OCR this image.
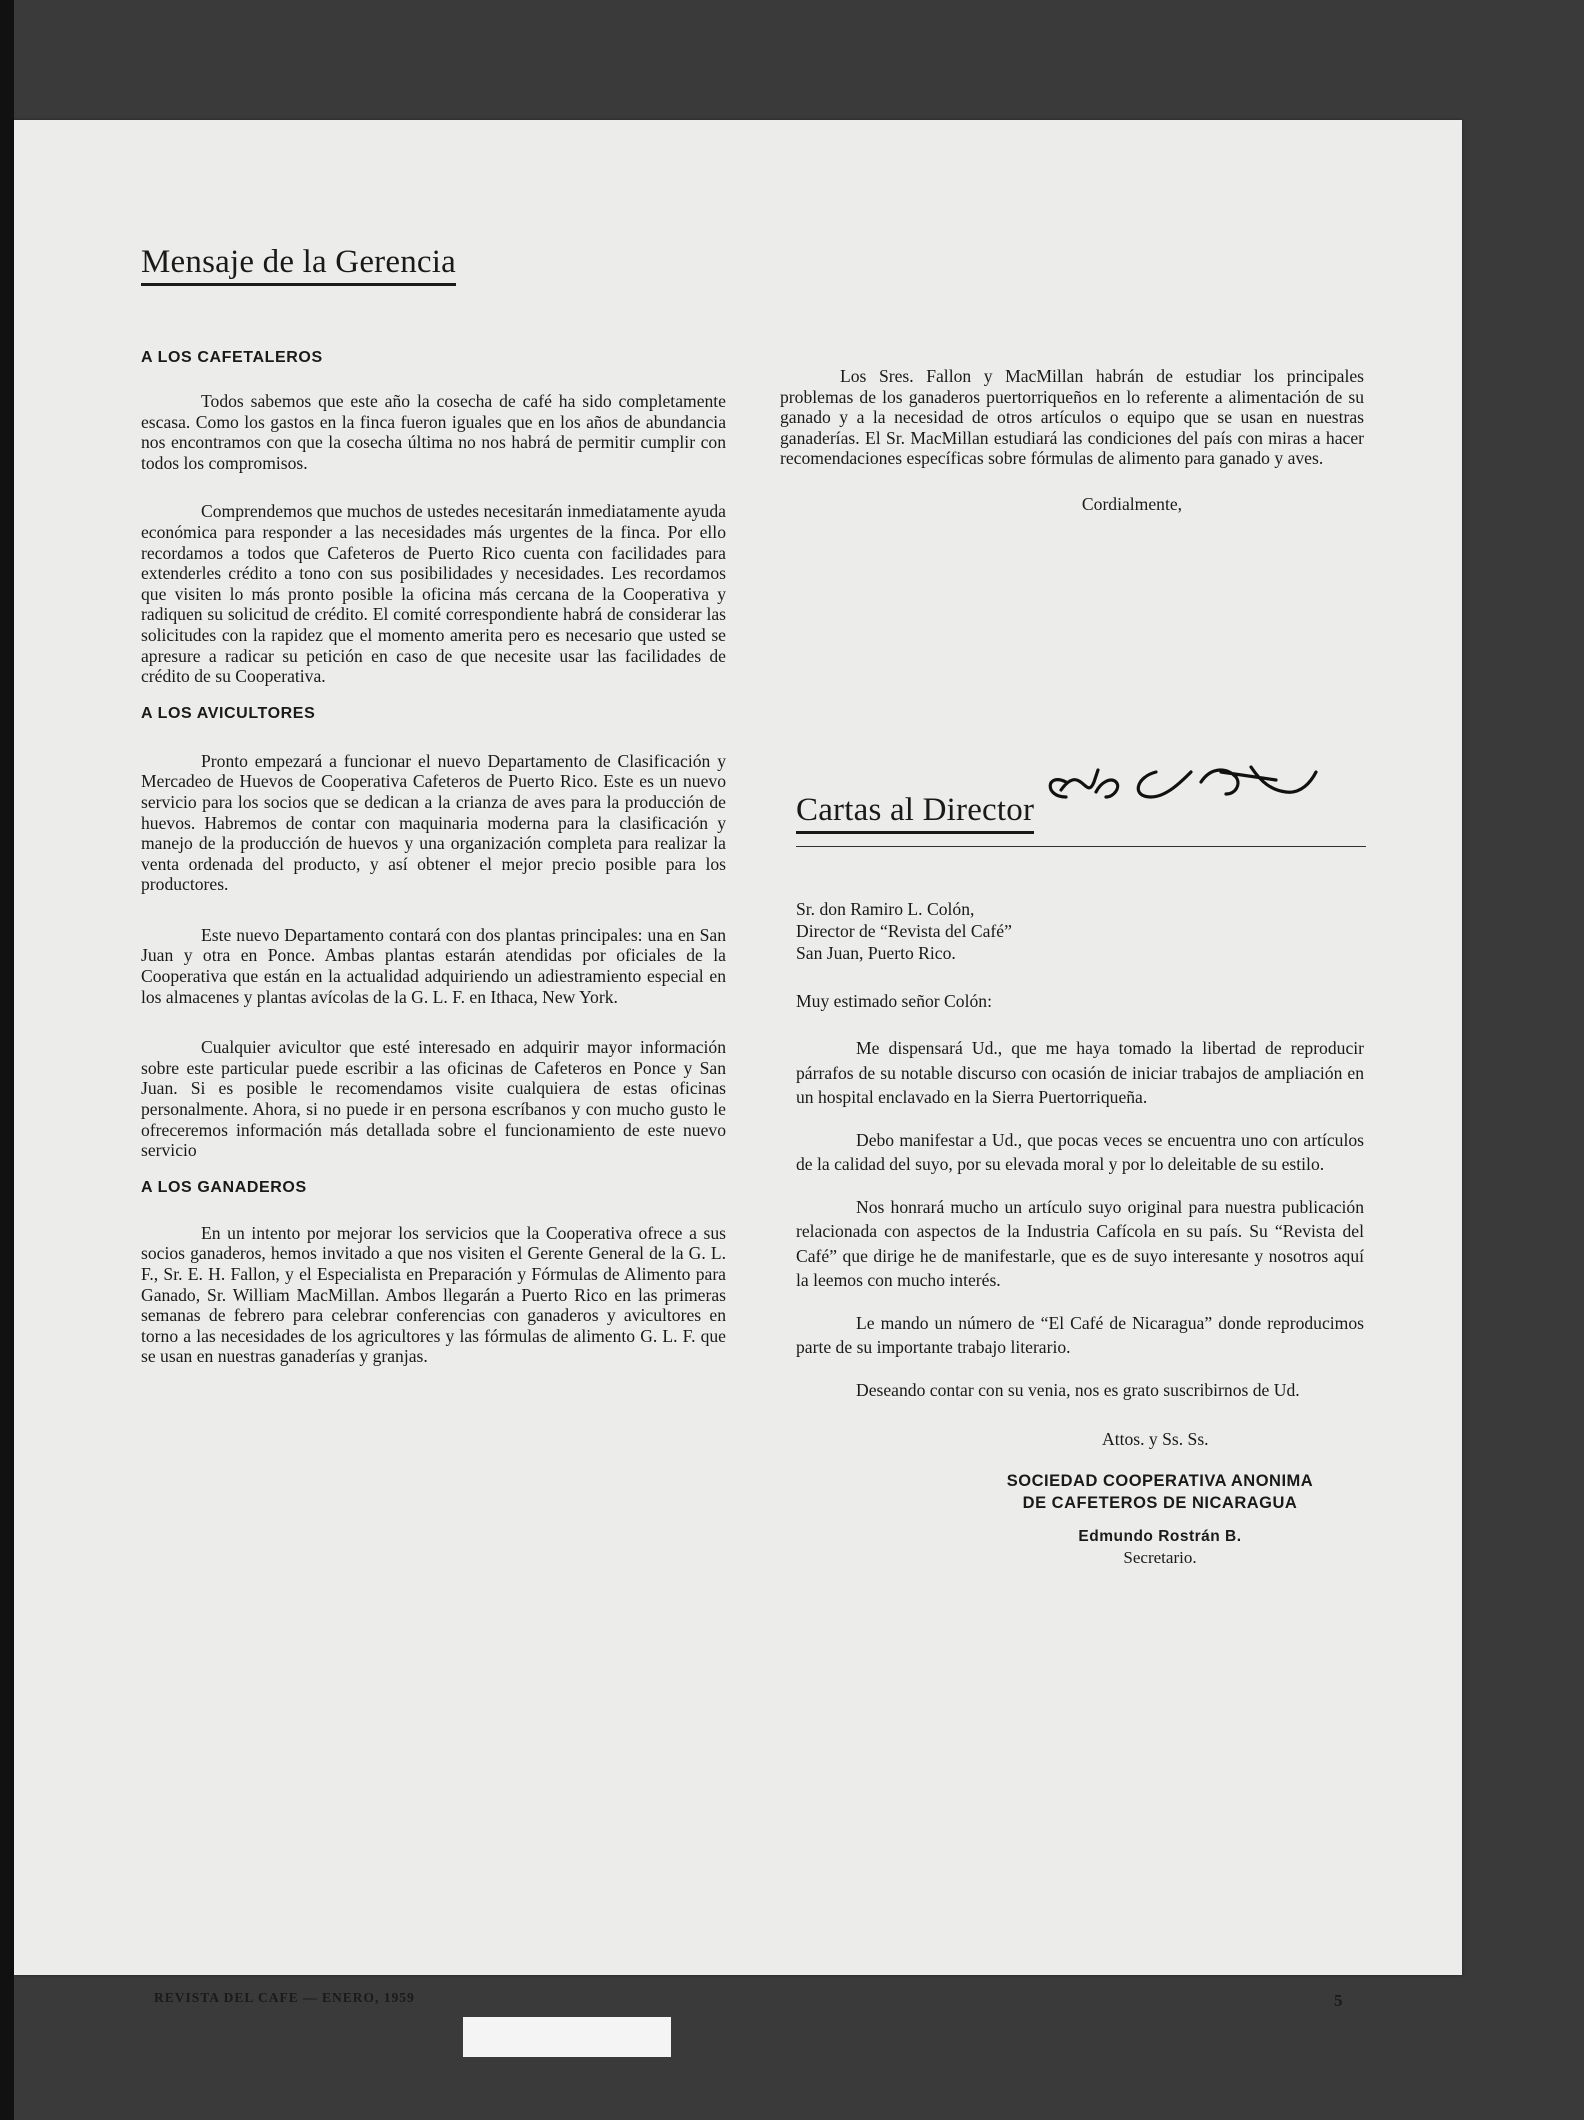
Mensaje de la Gerencia
A LOS CAFETALEROS

Todos sabemos que este año la cosecha de café ha sido completamente escasa. Como los gastos en la finca fueron iguales que en los años de abundancia nos encontramos con que la cosecha última no nos habrá de permitir cumplir con todos los compromisos.

Comprendemos que muchos de ustedes necesitarán inmediatamente ayuda económica para responder a las necesidades más urgentes de la finca. Por ello recordamos a todos que Cafeteros de Puerto Rico cuenta con facilidades para extenderles crédito a tono con sus posibilidades y necesidades. Les recordamos que visiten lo más pronto posible la oficina más cercana de la Cooperativa y radiquen su solicitud de crédito. El comité correspondiente habrá de considerar las solicitudes con la rapidez que el momento amerita pero es necesario que usted se apresure a radicar su petición en caso de que necesite usar las facilidades de crédito de su Cooperativa.

A LOS AVICULTORES

Pronto empezará a funcionar el nuevo Departamento de Clasificación y Mercadeo de Huevos de Cooperativa Cafeteros de Puerto Rico. Este es un nuevo servicio para los socios que se dedican a la crianza de aves para la producción de huevos. Habremos de contar con maquinaria moderna para la clasificación y manejo de la producción de huevos y una organización completa para realizar la venta ordenada del producto, y así obtener el mejor precio posible para los productores.

Este nuevo Departamento contará con dos plantas principales: una en San Juan y otra en Ponce. Ambas plantas estarán atendidas por oficiales de la Cooperativa que están en la actualidad adquiriendo un adiestramiento especial en los almacenes y plantas avícolas de la G. L. F. en Ithaca, New York.

Cualquier avicultor que esté interesado en adquirir mayor información sobre este particular puede escribir a las oficinas de Cafeteros en Ponce y San Juan. Si es posible le recomendamos visite cualquiera de estas oficinas personalmente. Ahora, si no puede ir en persona escríbanos y con mucho gusto le ofreceremos información más detallada sobre el funcionamiento de este nuevo servicio

A LOS GANADEROS

En un intento por mejorar los servicios que la Cooperativa ofrece a sus socios ganaderos, hemos invitado a que nos visiten el Gerente General de la G. L. F., Sr. E. H. Fallon, y el Especialista en Preparación y Fórmulas de Alimento para Ganado, Sr. William MacMillan. Ambos llegarán a Puerto Rico en las primeras semanas de febrero para celebrar conferencias con ganaderos y avicultores en torno a las necesidades de los agricultores y las fórmulas de alimento G. L. F. que se usan en nuestras ganaderías y granjas.

Los Sres. Fallon y MacMillan habrán de estudiar los principales problemas de los ganaderos puertorriqueños en lo referente a alimentación de su ganado y a la necesidad de otros artículos o equipo que se usan en nuestras ganaderías. El Sr. MacMillan estudiará las condiciones del país con miras a hacer recomendaciones específicas sobre fórmulas de alimento para ganado y aves.

Cordialmente,

Cartas al Director

Sr. don Ramiro L. Colón,

Director de “Revista del Café”

San Juan, Puerto Rico.

Muy estimado señor Colón:

Me dispensará Ud., que me haya tomado la libertad de reproducir párrafos de su notable discurso con ocasión de iniciar trabajos de ampliación en un hospital enclavado en la Sierra Puertorriqueña.

Debo manifestar a Ud., que pocas veces se encuentra uno con artículos de la calidad del suyo, por su elevada moral y por lo deleitable de su estilo.

Nos honrará mucho un artículo suyo original para nuestra publicación relacionada con aspectos de la Industria Cafícola en su país. Su “Revista del Café” que dirige he de manifestarle, que es de suyo interesante y nosotros aquí la leemos con mucho interés.

Le mando un número de “El Café de Nicaragua” donde reproducimos parte de su importante trabajo literario.

Deseando contar con su venia, nos es grato suscribirnos de Ud.

Attos. y Ss. Ss.

SOCIEDAD COOPERATIVA ANONIMA
DE CAFETEROS DE NICARAGUA
Edmundo Rostrán B.
Secretario.
REVISTA DEL CAFE — ENERO, 1959	5
